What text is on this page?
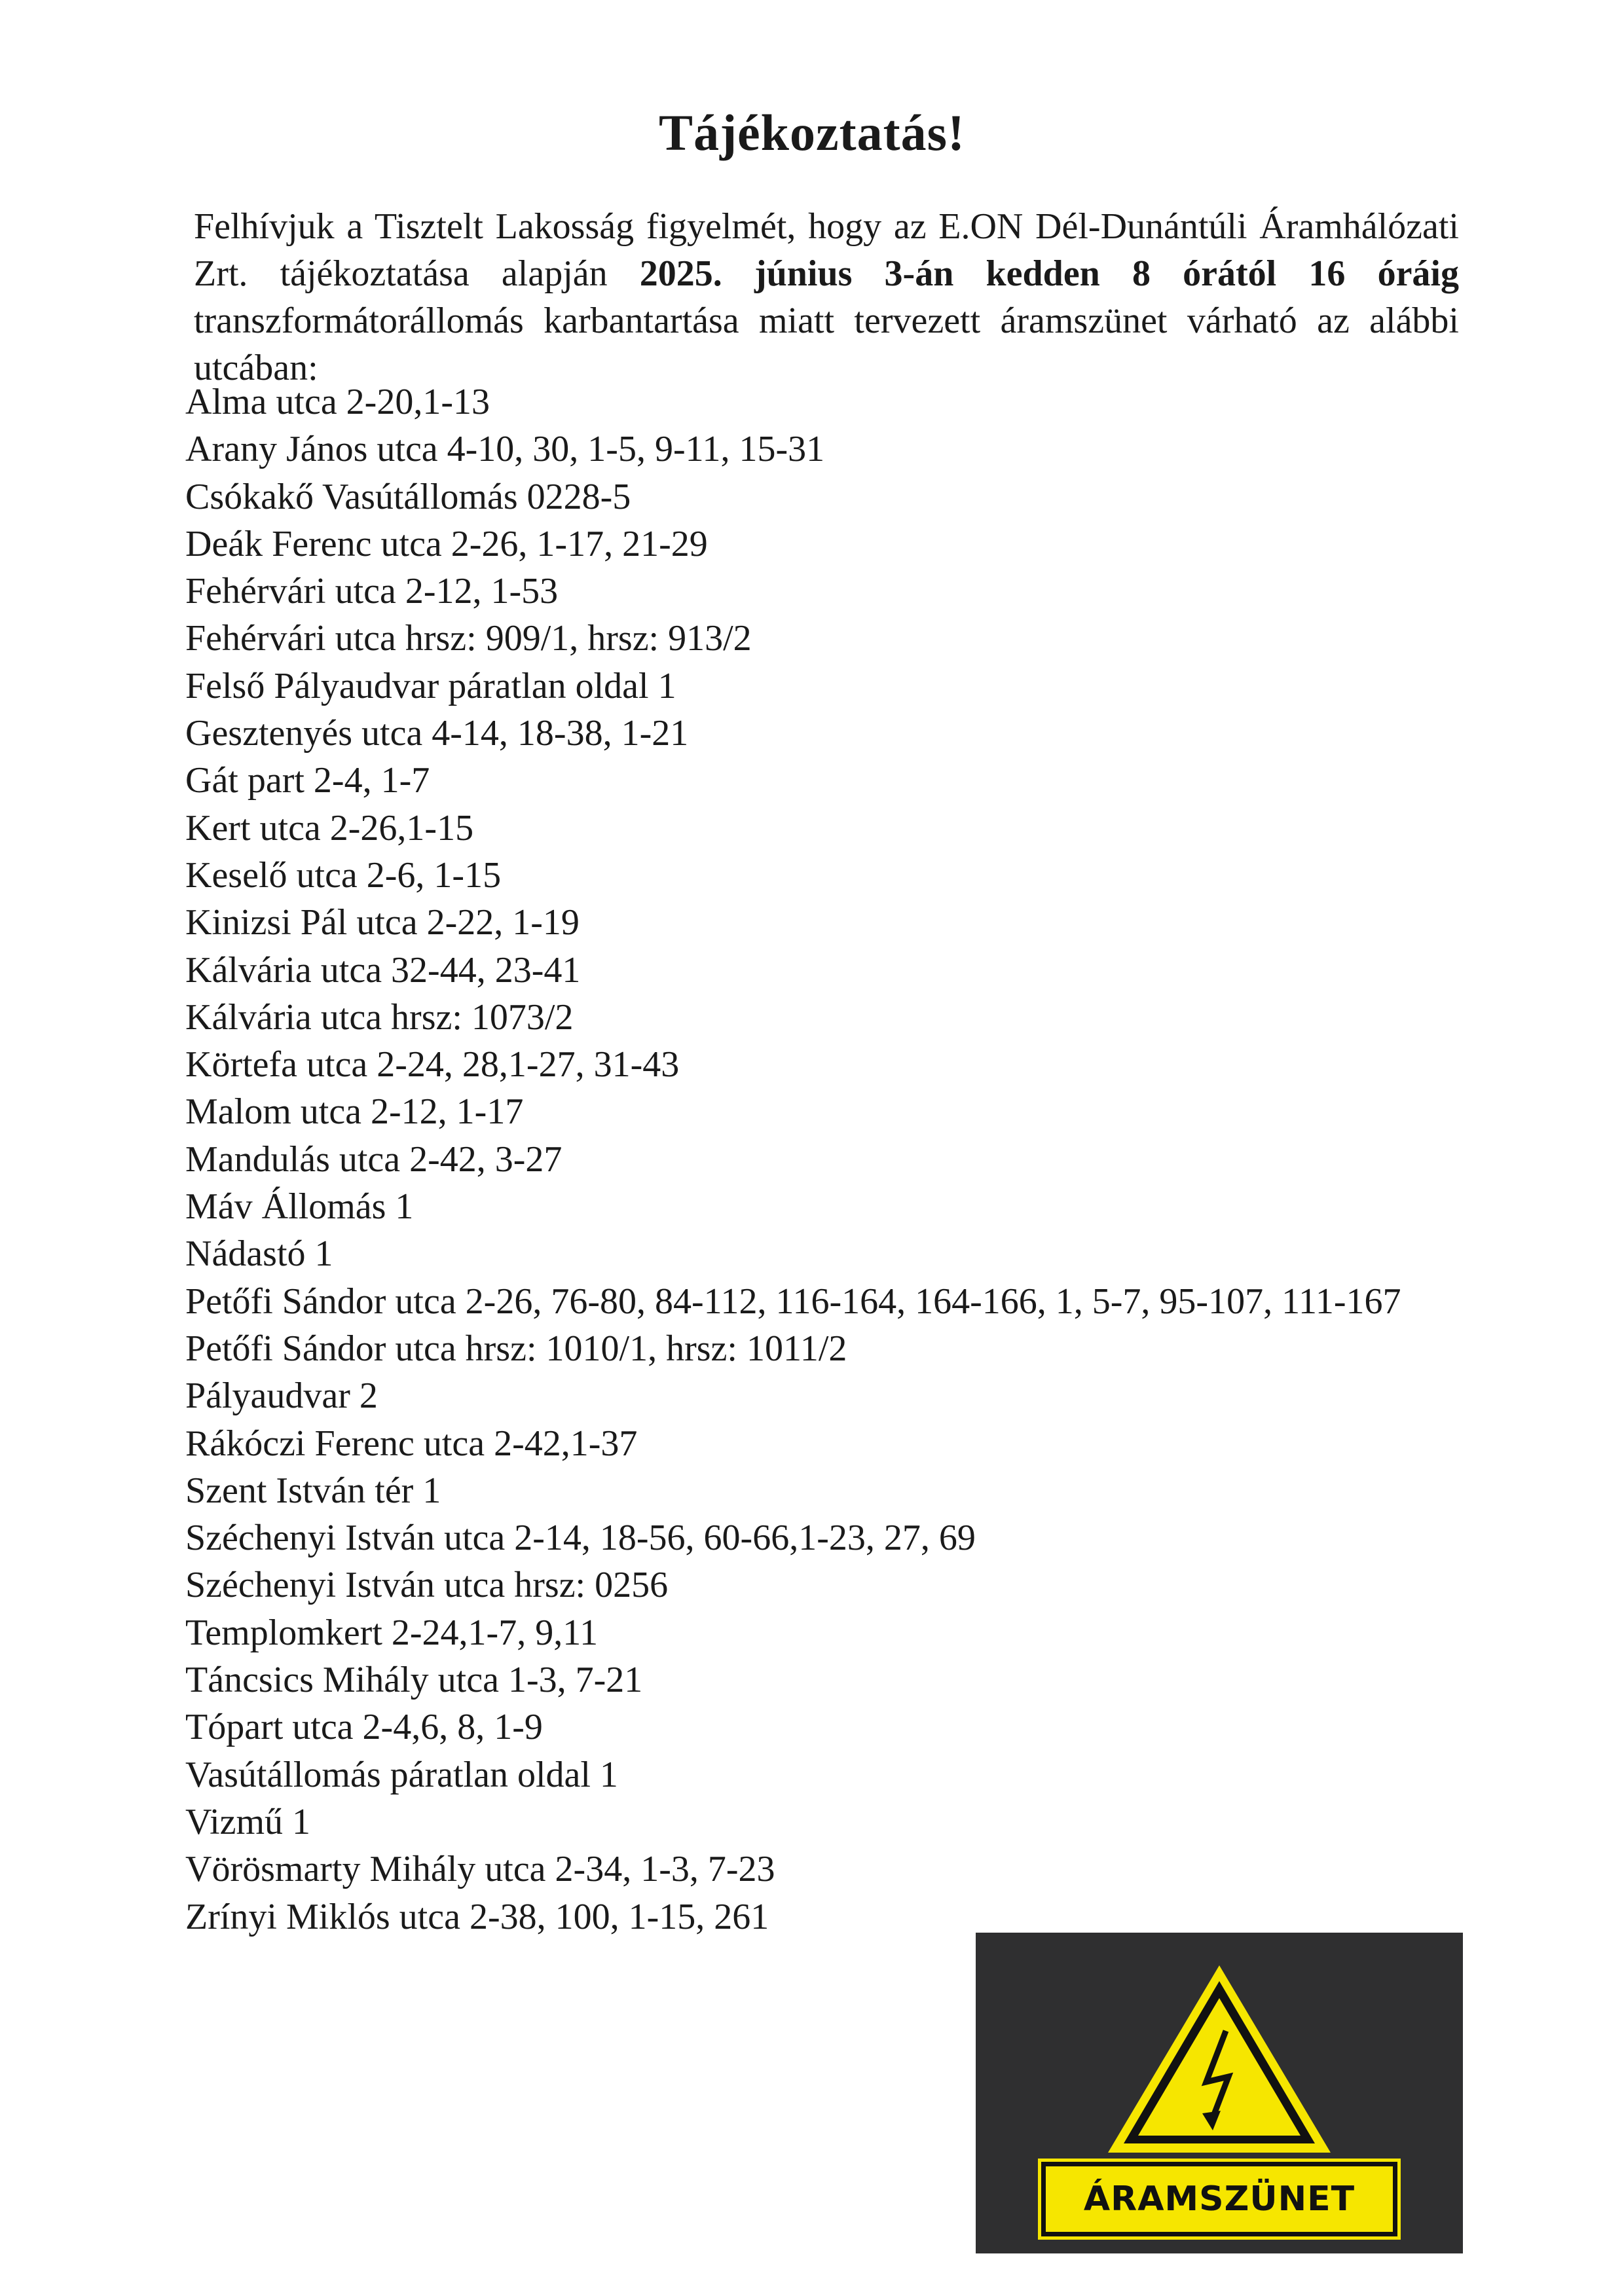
Tájékoztatás!

Felhívjuk a Tisztelt Lakosság figyelmét, hogy az E.ON Dél-Dunántúli Áramhálózati Zrt. tájékoztatása alapján 2025. június 3-án kedden 8 órától 16 óráig transzformátorállomás karbantartása miatt tervezett áramszünet várható az alábbi utcában:

Alma utca 2-20,1-13
Arany János utca 4-10, 30, 1-5, 9-11, 15-31
Csókakő Vasútállomás 0228-5
Deák Ferenc utca 2-26, 1-17, 21-29
Fehérvári utca 2-12, 1-53
Fehérvári utca hrsz: 909/1, hrsz: 913/2
Felső Pályaudvar páratlan oldal 1
Gesztenyés utca 4-14, 18-38, 1-21
Gát part 2-4, 1-7
Kert utca 2-26,1-15
Keselő utca 2-6, 1-15
Kinizsi Pál utca 2-22, 1-19
Kálvária utca 32-44, 23-41
Kálvária utca hrsz: 1073/2
Körtefa utca 2-24, 28,1-27, 31-43
Malom utca 2-12, 1-17
Mandulás utca 2-42, 3-27
Máv Állomás 1
Nádastó 1
Petőfi Sándor utca 2-26, 76-80, 84-112, 116-164, 164-166, 1, 5-7, 95-107, 111-167
Petőfi Sándor utca hrsz: 1010/1, hrsz: 1011/2
Pályaudvar 2
Rákóczi Ferenc utca 2-42,1-37
Szent István tér 1
Széchenyi István utca 2-14, 18-56, 60-66,1-23, 27, 69
Széchenyi István utca hrsz: 0256
Templomkert 2-24,1-7, 9,11
Táncsics Mihály utca 1-3, 7-21
Tópart utca 2-4,6, 8, 1-9
Vasútállomás páratlan oldal 1
Vizmű 1
Vörösmarty Mihály utca 2-34, 1-3, 7-23
Zrínyi Miklós utca 2-38, 100, 1-15, 261
ÁRAMSZÜNET
